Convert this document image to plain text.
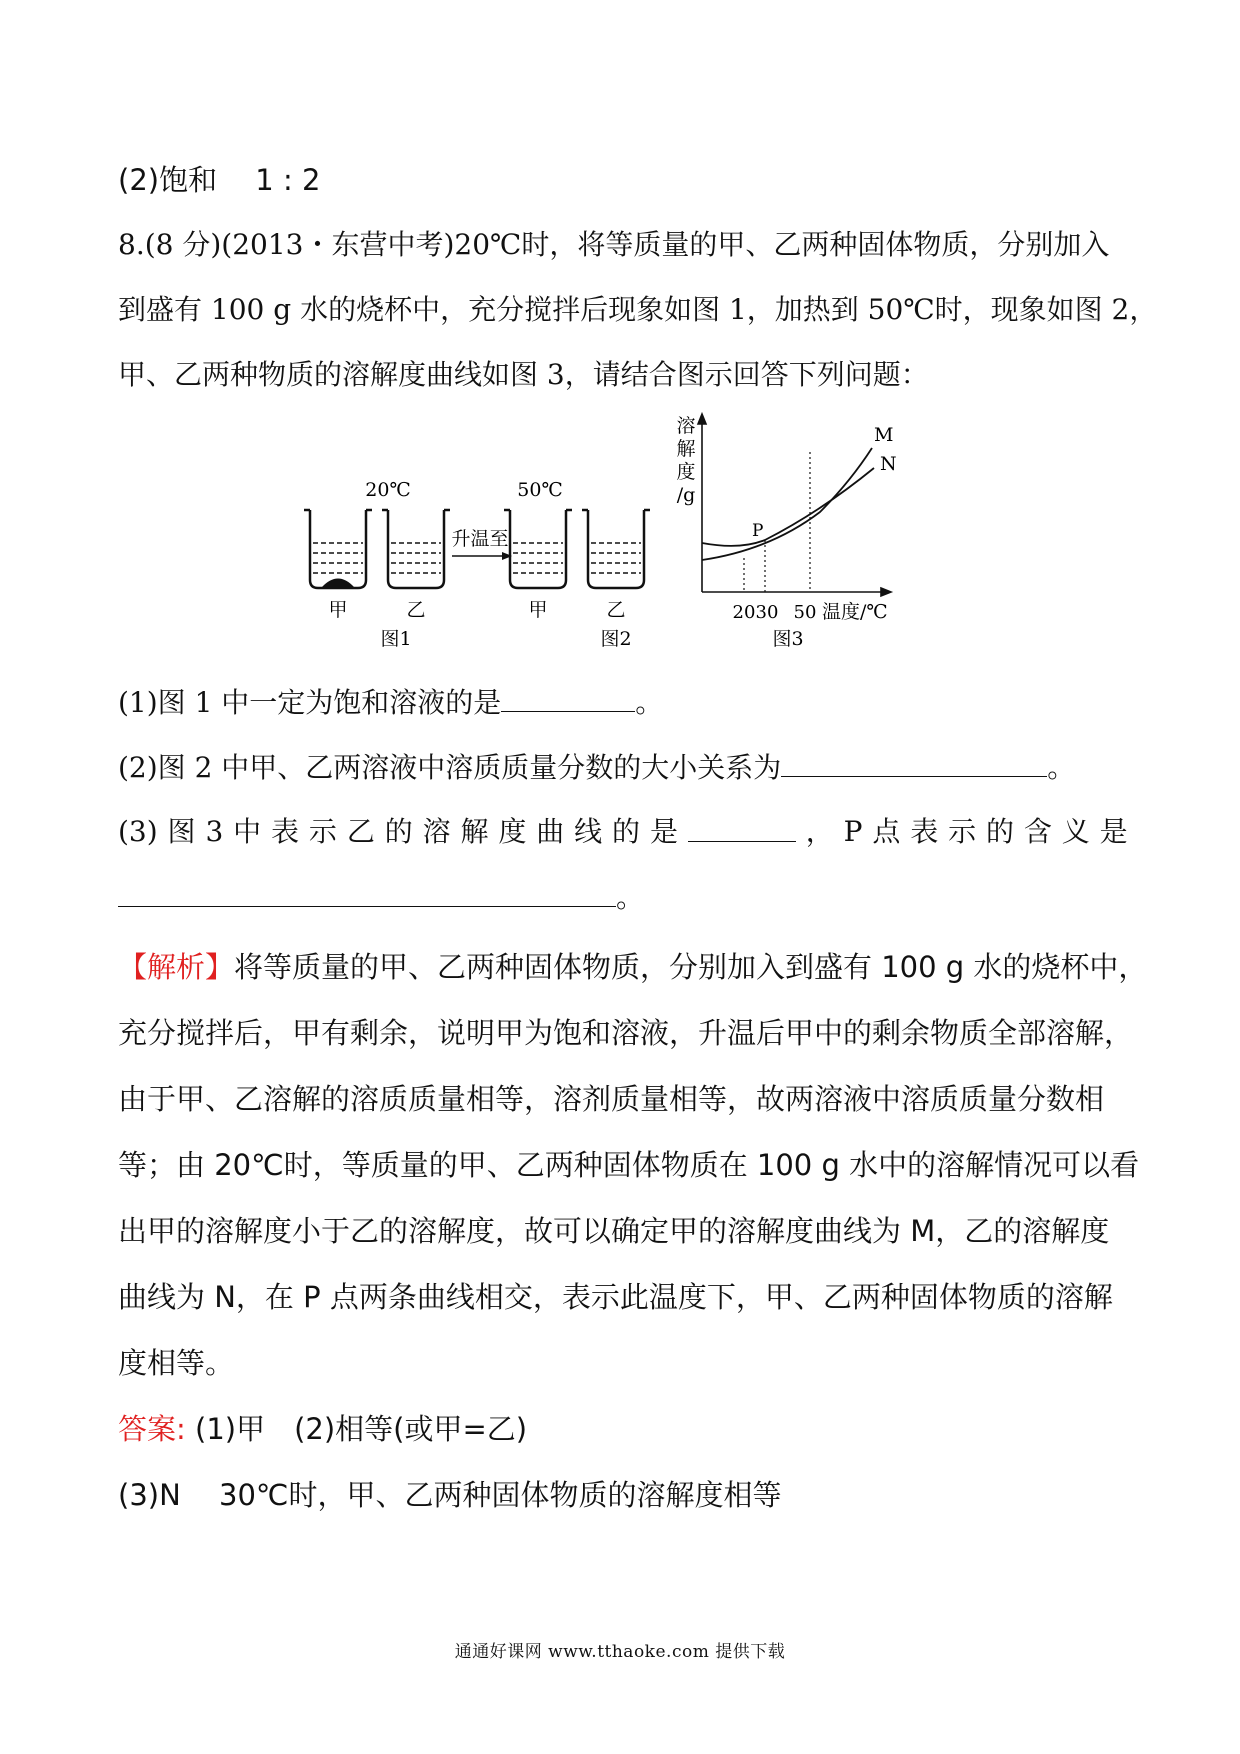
(2)饱和　 1 : 2
8.(8 分)(2013・东营中考)20℃时，将等质量的甲、乙两种固体物质，分别加入
到盛有 100 g 水的烧杯中，充分搅拌后现象如图 1，加热到 50℃时，现象如图 2，
甲、乙两种物质的溶解度曲线如图 3，请结合图示回答下列问题：
20℃
甲	乙
图1
升温至
50℃
甲	乙
图2
溶
解
度
/g
M
N
P
20 30 50 温度/℃
图3
(1)图 1 中一定为饱和溶液的是	。
(2)图 2 中甲、乙两溶液中溶质质量分数的大小关系为	。
(3) 图 3 中 表 示 乙 的 溶 解 度 曲 线 的 是	， P 点 表 示 的 含 义 是
。
【解析】将等质量的甲、乙两种固体物质，分别加入到盛有 100 g 水的烧杯中，
充分搅拌后，甲有剩余，说明甲为饱和溶液，升温后甲中的剩余物质全部溶解，
由于甲、乙溶解的溶质质量相等，溶剂质量相等，故两溶液中溶质质量分数相
等；由 20℃时，等质量的甲、乙两种固体物质在 100 g 水中的溶解情况可以看
出甲的溶解度小于乙的溶解度，故可以确定甲的溶解度曲线为 M，乙的溶解度
曲线为 N，在 P 点两条曲线相交，表示此温度下，甲、乙两种固体物质的溶解
度相等。
答案: (1)甲　(2)相等(或甲=乙)
(3)N　 30℃时，甲、乙两种固体物质的溶解度相等
通通好课网 www.tthaoke.com 提供下载
